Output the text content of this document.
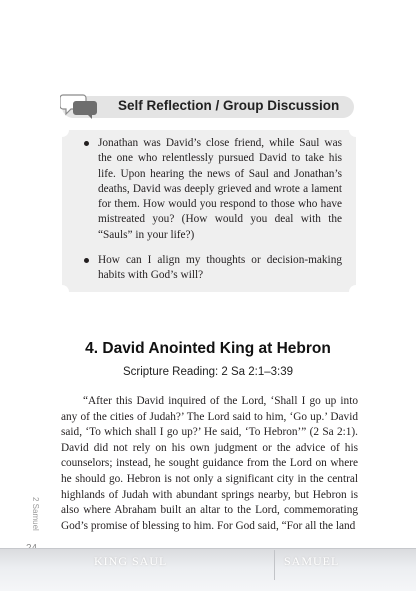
Self Reflection / Group Discussion
Jonathan was David’s close friend, while Saul was the one who relentlessly pursued David to take his life. Upon hearing the news of Saul and Jonathan’s deaths, David was deeply grieved and wrote a lament for them. How would you respond to those who have mistreated you? (How would you deal with the “Sauls” in your life?)
How can I align my thoughts or decision-making habits with God’s will?
4. David Anointed King at Hebron
Scripture Reading: 2 Sa 2:1–3:39

“After this David inquired of the Lord, ‘Shall I go up into any of the cities of Judah?’ The Lord said to him, ‘Go up.’ David said, ‘To which shall I go up?’ He said, ‘To Hebron’” (2 Sa 2:1). David did not rely on his own judgment or the advice of his counselors; instead, he sought guidance from the Lord on where he should go. Hebron is not only a significant city in the central highlands of Judah with abundant springs nearby, but Hebron is also where Abraham built an altar to the Lord, commemorating God’s promise of blessing to him. For God said, “For all the land

2 Samuel
KING SAUL	SAMUEL
